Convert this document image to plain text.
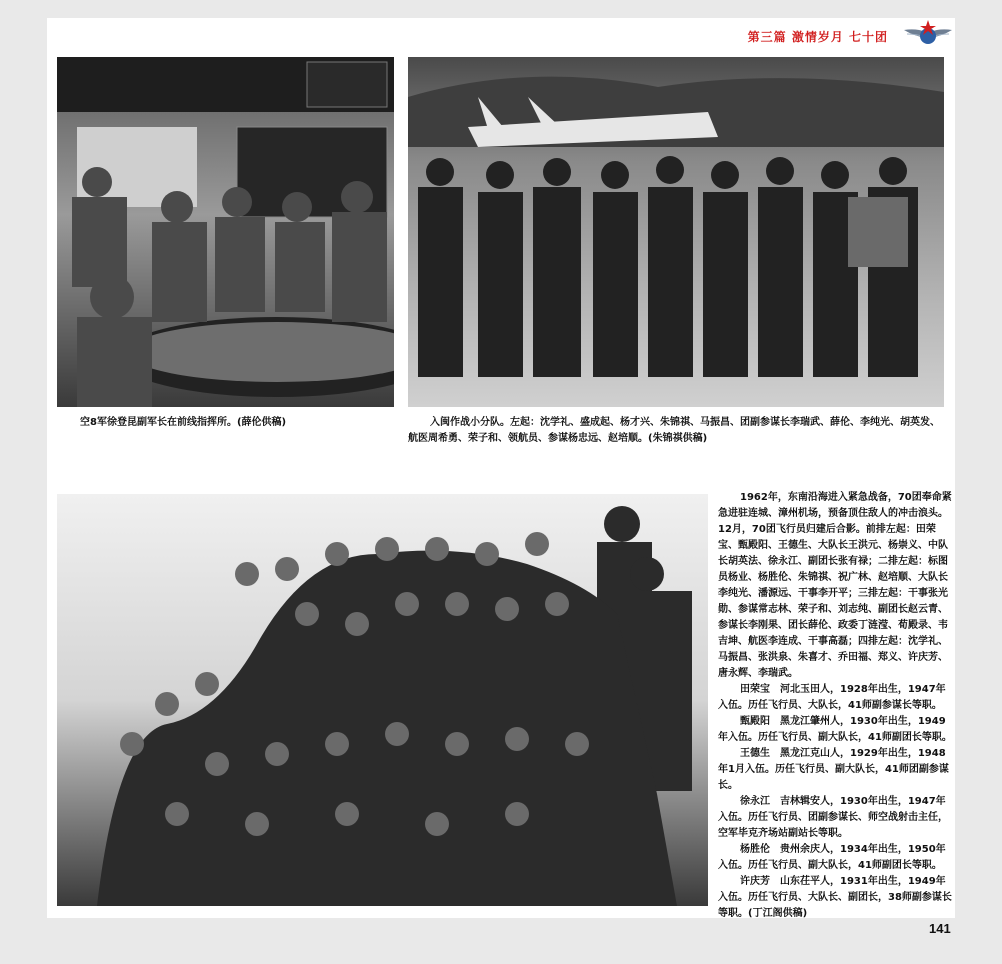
第三篇 激情岁月 七十团
空8军徐登昆副军长在前线指挥所。(薛伦供稿)	入闽作战小分队。左起：沈学礼、盛成起、杨才兴、朱锦祺、马振昌、团副参谋长李瑞武、薛伦、李纯光、胡英发、航医周希勇、荣子和、领航员、参谋杨忠远、赵培顺。(朱锦祺供稿)

1962年，东南沿海进入紧急战备，70团奉命紧急进驻连城、漳州机场，预备顶住敌人的冲击浪头。12月，70团飞行员归建后合影。前排左起：田荣宝、甄殿阳、王德生、大队长王洪元、杨崇义、中队长胡英法、徐永江、副团长张有禄；二排左起：标图员杨业、杨胜伦、朱锦祺、祝广林、赵培顺、大队长李纯光、潘源远、干事李开平；三排左起：干事张光勋、参谋常志林、荣子和、刘志纯、副团长赵云青、参谋长李刚果、团长薛伦、政委丁涟滢、荀殿录、韦吉坤、航医李连成、干事高磊；四排左起：沈学礼、马振昌、张洪泉、朱喜才、乔田福、郑义、许庆芳、唐永辉、李瑞武。

田荣宝　河北玉田人，1928年出生，1947年入伍。历任飞行员、大队长，41师副参谋长等职。

甄殿阳　黑龙江肇州人，1930年出生，1949年入伍。历任飞行员、副大队长，41师副团长等职。

王德生　黑龙江克山人，1929年出生，1948年1月入伍。历任飞行员、副大队长，41师团副参谋长。

徐永江　吉林辑安人，1930年出生，1947年入伍。历任飞行员、团副参谋长、师空战射击主任，空军毕克齐场站副站长等职。

杨胜伦　贵州余庆人，1934年出生，1950年入伍。历任飞行员、副大队长，41师副团长等职。

许庆芳　山东茌平人，1931年出生，1949年入伍。历任飞行员、大队长、副团长，38师副参谋长等职。(丁江阁供稿)

141
